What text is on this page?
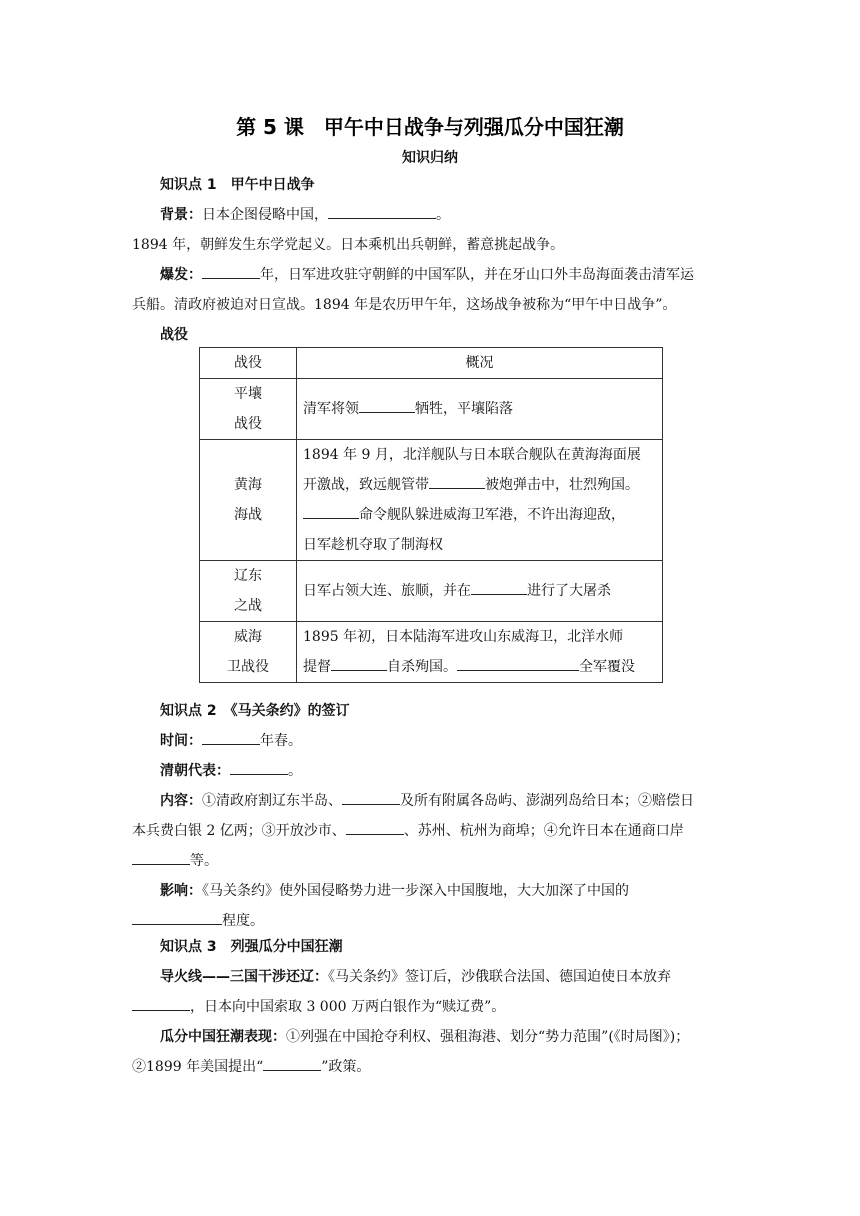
第 5 课　甲午中日战争与列强瓜分中国狂潮
知识归纳

知识点 1　甲午中日战争

背景：日本企图侵略中国，	。

1894 年，朝鲜发生东学党起义。日本乘机出兵朝鲜，蓄意挑起战争。

爆发：	年，日军进攻驻守朝鲜的中国军队，并在牙山口外丰岛海面袭击清军运

兵船。清政府被迫对日宣战。1894 年是农历甲午年，这场战争被称为“甲午中日战争”。

战役

战役	概况
平壤
战役	清军将领 牺牲，平壤陷落
黄海
海战	1894 年 9 月，北洋舰队与日本联合舰队在黄海海面展
开激战，致远舰管带 被炮弹击中，壮烈殉国。
命令舰队躲进威海卫军港，不许出海迎敌，
日军趁机夺取了制海权
辽东
之战	日军占领大连、旅顺，并在 进行了大屠杀
威海
卫战役	1895 年初，日本陆海军进攻山东威海卫，北洋水师
提督 自杀殉国。 全军覆没

知识点 2　《马关条约》的签订

时间：	年春。

清朝代表：	。

内容：①清政府割辽东半岛、	及所有附属各岛屿、澎湖列岛给日本；②赔偿日

本兵费白银 2 亿两；③开放沙市、	、苏州、杭州为商埠；④允许日本在通商口岸

等。

影响：《马关条约》使外国侵略势力进一步深入中国腹地，大大加深了中国的

程度。

知识点 3　列强瓜分中国狂潮

导火线——三国干涉还辽：《马关条约》签订后，沙俄联合法国、德国迫使日本放弃

，日本向中国索取 3 000 万两白银作为“赎辽费”。

瓜分中国狂潮表现：①列强在中国抢夺利权、强租海港、划分“势力范围”(《时局图》)；

②1899 年美国提出“	”政策。
